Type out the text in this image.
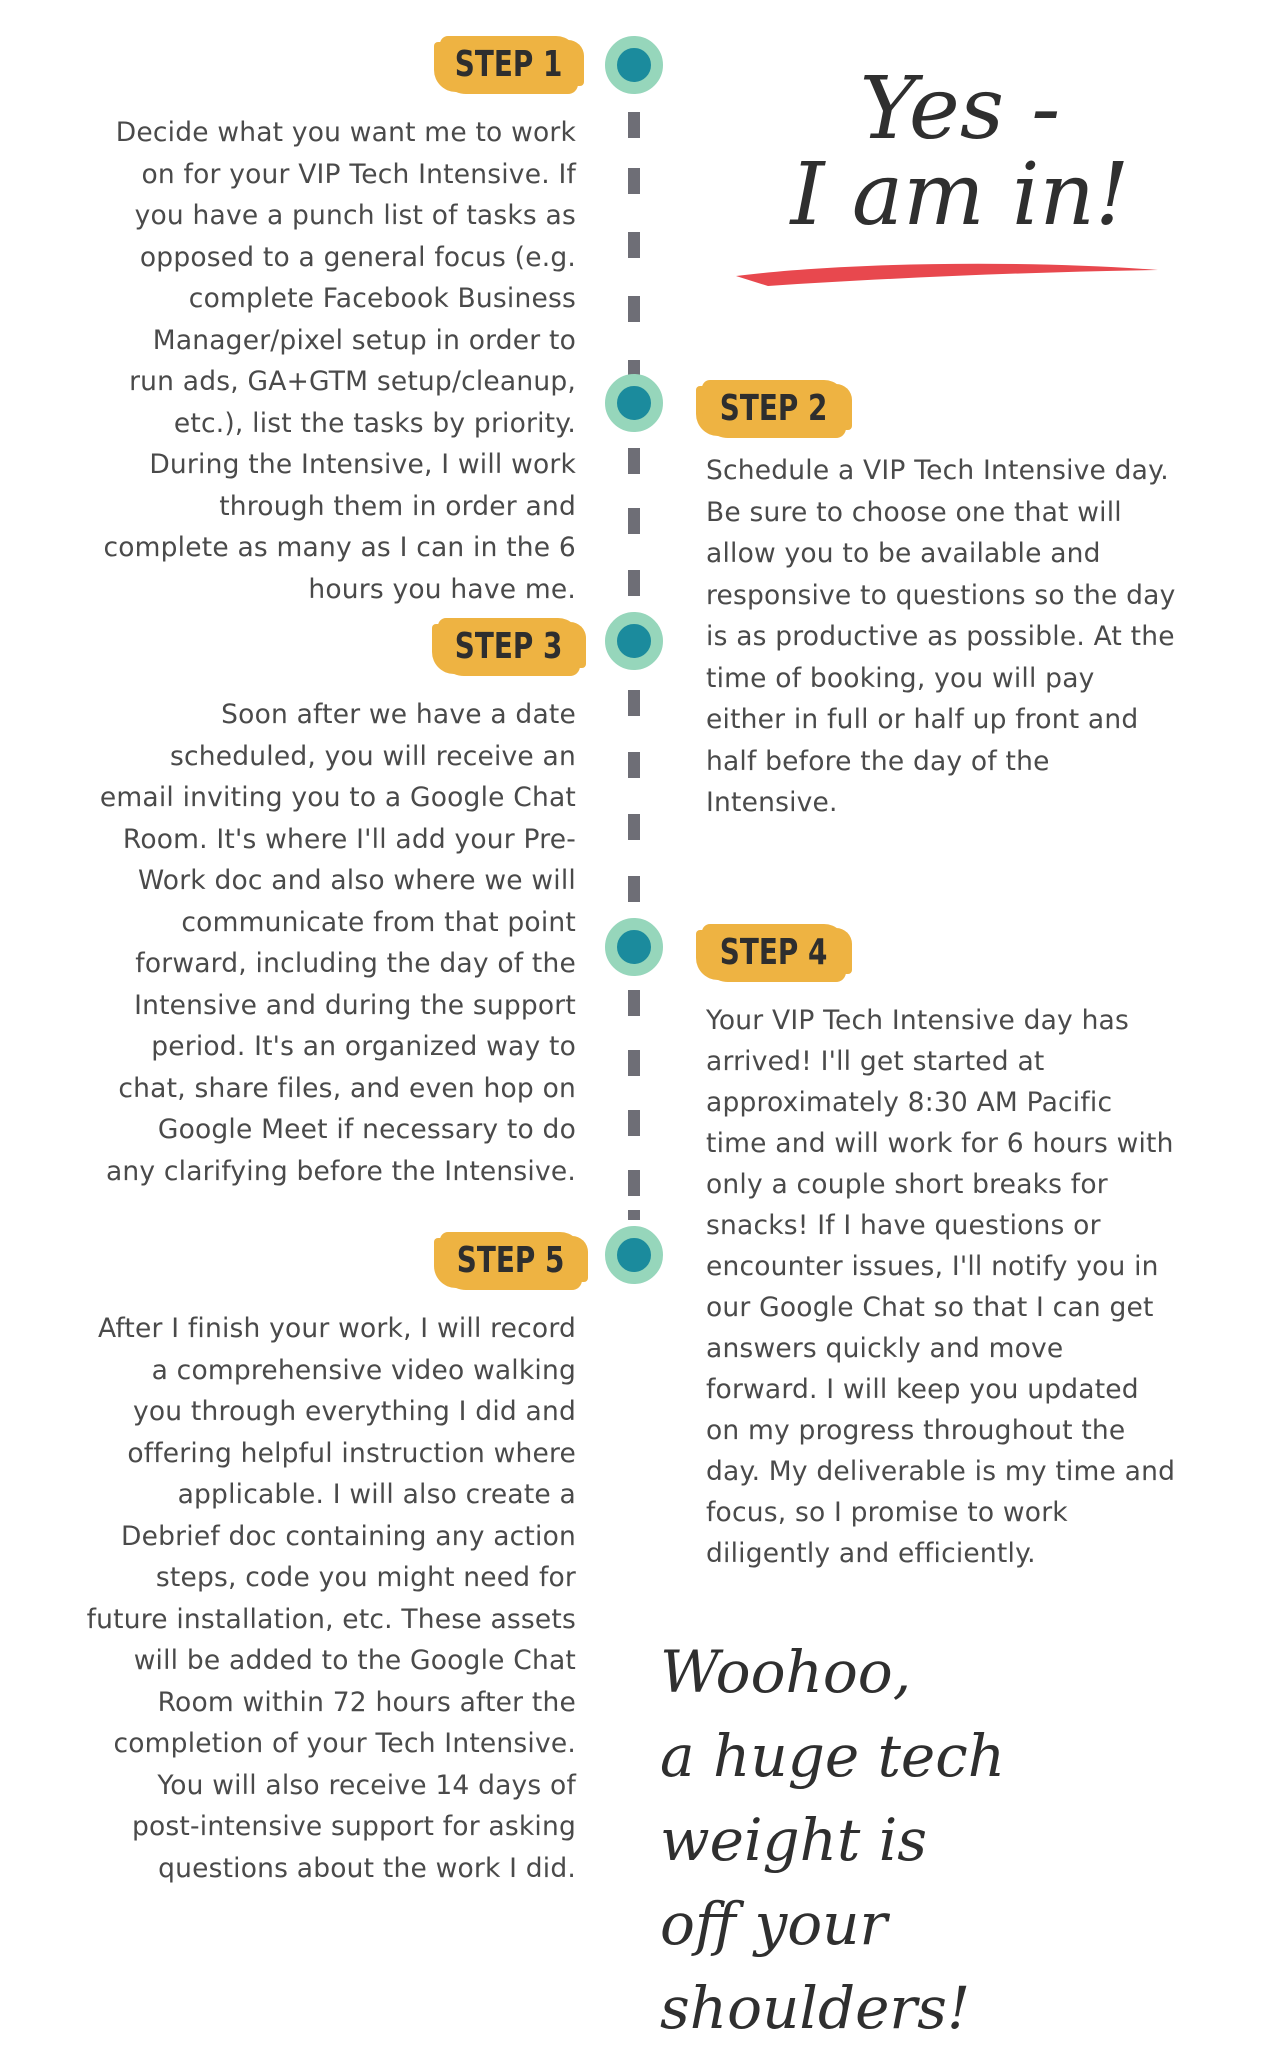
STEP 1
Decide what you want me to work
on for your VIP Tech Intensive. If
you have a punch list of tasks as
opposed to a general focus (e.g.
complete Facebook Business
Manager/pixel setup in order to
run ads, GA+GTM setup/cleanup,
etc.), list the tasks by priority.
During the Intensive, I will work
through them in order and
complete as many as I can in the 6
hours you have me.
STEP 2
Schedule a VIP Tech Intensive day.
Be sure to choose one that will
allow you to be available and
responsive to questions so the day
is as productive as possible. At the
time of booking, you will pay
either in full or half up front and
half before the day of the
Intensive.
STEP 3
Soon after we have a date
scheduled, you will receive an
email inviting you to a Google Chat
Room. It's where I'll add your Pre-
Work doc and also where we will
communicate from that point
forward, including the day of the
Intensive and during the support
period. It's an organized way to
chat, share files, and even hop on
Google Meet if necessary to do
any clarifying before the Intensive.
STEP 4
Your VIP Tech Intensive day has
arrived! I'll get started at
approximately 8:30 AM Pacific
time and will work for 6 hours with
only a couple short breaks for
snacks! If I have questions or
encounter issues, I'll notify you in
our Google Chat so that I can get
answers quickly and move
forward. I will keep you updated
on my progress throughout the
day. My deliverable is my time and
focus, so I promise to work
diligently and efficiently.
STEP 5
After I finish your work, I will record
a comprehensive video walking
you through everything I did and
offering helpful instruction where
applicable. I will also create a
Debrief doc containing any action
steps, code you might need for
future installation, etc. These assets
will be added to the Google Chat
Room within 72 hours after the
completion of your Tech Intensive.
You will also receive 14 days of
post-intensive support for asking
questions about the work I did.
Yes -
I am in!
Woohoo,
a huge tech weight is
off your shoulders!
